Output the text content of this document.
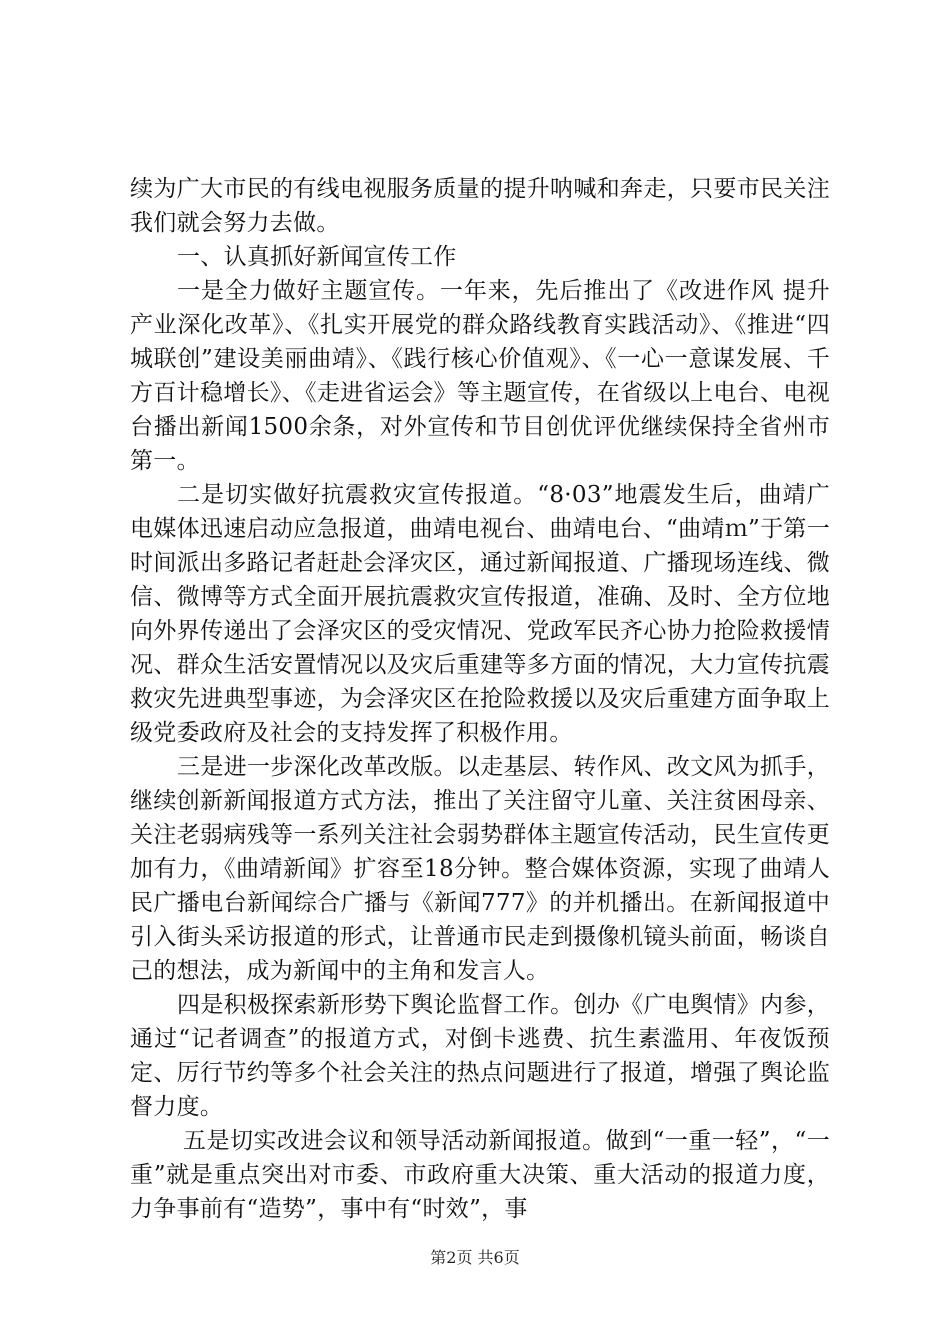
续为广大市民的有线电视服务质量的提升呐喊和奔走，只要市民关注我们就会努力去做。

一、认真抓好新闻宣传工作

一是全力做好主题宣传。一年来，先后推出了《改进作风 提升产业深化改革》、《扎实开展党的群众路线教育实践活动》、《推进“四城联创”建设美丽曲靖》、《践行核心价值观》、《一心一意谋发展、千方百计稳增长》、《走进省运会》等主题宣传，在省级以上电台、电视台播出新闻1500余条，对外宣传和节目创优评优继续保持全省州市第一。

二是切实做好抗震救灾宣传报道。“8·03”地震发生后，曲靖广电媒体迅速启动应急报道，曲靖电视台、曲靖电台、“曲靖ｍ”于第一时间派出多路记者赶赴会泽灾区，通过新闻报道、广播现场连线、微信、微博等方式全面开展抗震救灾宣传报道，准确、及时、全方位地向外界传递出了会泽灾区的受灾情况、党政军民齐心协力抢险救援情况、群众生活安置情况以及灾后重建等多方面的情况，大力宣传抗震救灾先进典型事迹，为会泽灾区在抢险救援以及灾后重建方面争取上级党委政府及社会的支持发挥了积极作用。

三是进一步深化改革改版。以走基层、转作风、改文风为抓手，继续创新新闻报道方式方法，推出了关注留守儿童、关注贫困母亲、关注老弱病残等一系列关注社会弱势群体主题宣传活动，民生宣传更加有力，《曲靖新闻》扩容至18分钟。整合媒体资源，实现了曲靖人民广播电台新闻综合广播与《新闻777》的并机播出。在新闻报道中引入街头采访报道的形式，让普通市民走到摄像机镜头前面，畅谈自己的想法，成为新闻中的主角和发言人。

四是积极探索新形势下舆论监督工作。创办《广电舆情》内参，通过“记者调查”的报道方式，对倒卡逃费、抗生素滥用、年夜饭预定、厉行节约等多个社会关注的热点问题进行了报道，增强了舆论监督力度。

五是切实改进会议和领导活动新闻报道。做到“一重一轻”，“一重”就是重点突出对市委、市政府重大决策、重大活动的报道力度，力争事前有“造势”，事中有“时效”，事

第2页 共6页
